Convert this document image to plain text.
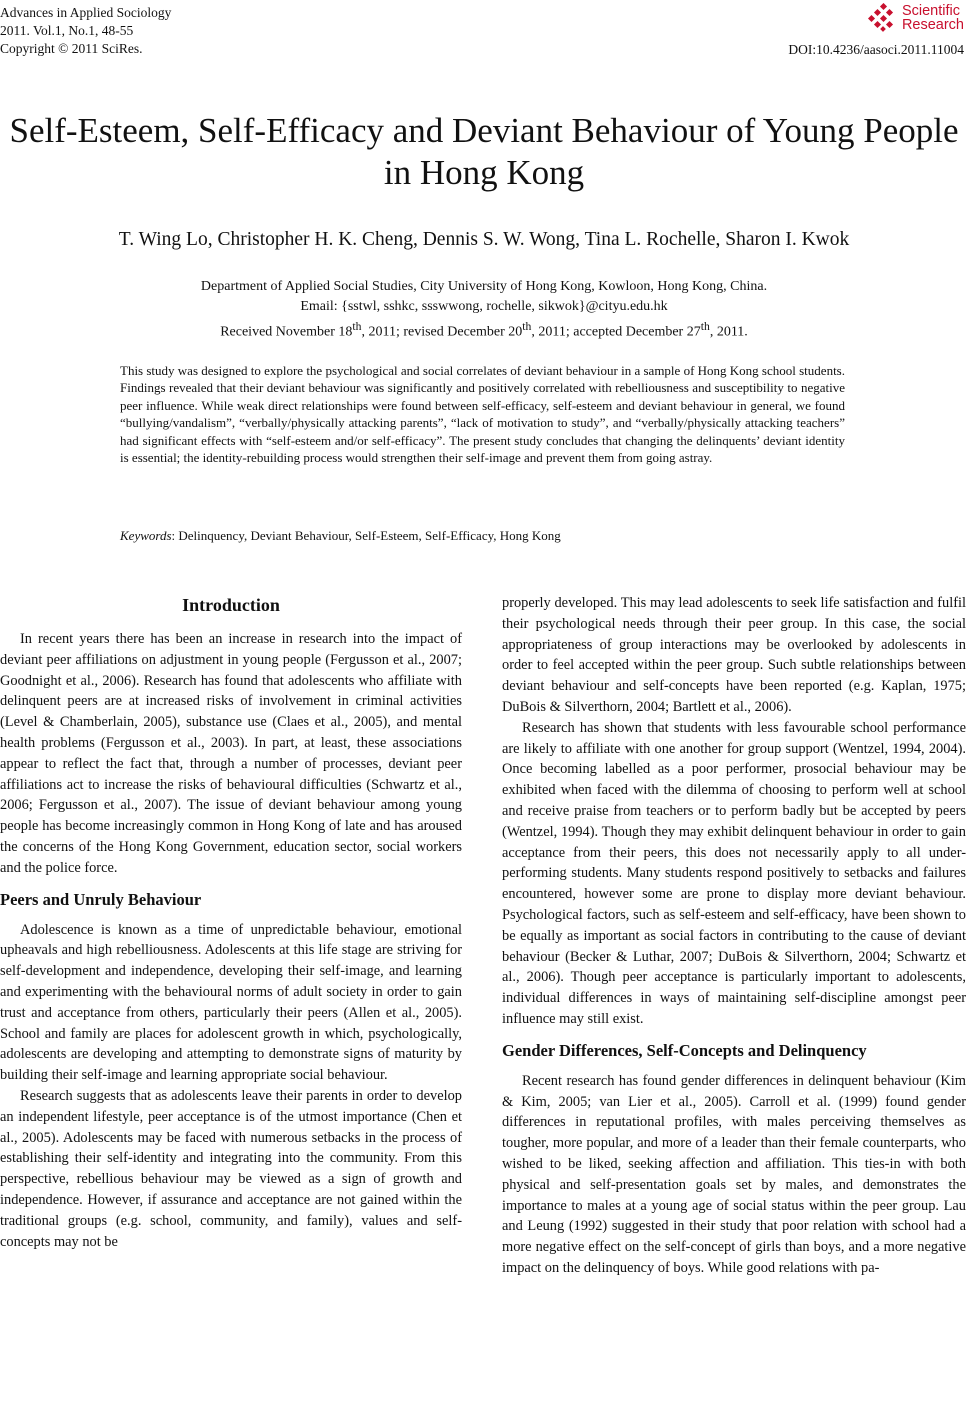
Advances in Applied Sociology
2011. Vol.1, No.1, 48-55
Copyright © 2011 SciRes.
Scientific
Research
DOI:10.4236/aasoci.2011.11004
Self-Esteem, Self-Efficacy and Deviant Behaviour of Young People in Hong Kong
T. Wing Lo, Christopher H. K. Cheng, Dennis S. W. Wong, Tina L. Rochelle, Sharon I. Kwok
Department of Applied Social Studies, City University of Hong Kong, Kowloon, Hong Kong, China.
Email: {sstwl, sshkc, ssswwong, rochelle, sikwok}@cityu.edu.hk
Received November 18th, 2011; revised December 20th, 2011; accepted December 27th, 2011.

This study was designed to explore the psychological and social correlates of deviant behaviour in a sample of Hong Kong school students. Findings revealed that their deviant behaviour was significantly and positively correlated with rebelliousness and susceptibility to negative peer influence. While weak direct relationships were found between self-efficacy, self-esteem and deviant behaviour in general, we found “bullying/vandalism”, “verbally/physically attacking parents”, “lack of motivation to study”, and “verbally/physically attacking teachers” had significant effects with “self-esteem and/or self-efficacy”. The present study concludes that changing the delinquents’ deviant identity is essential; the identity-rebuilding process would strengthen their self-image and prevent them from going astray.

Keywords: Delinquency, Deviant Behaviour, Self-Esteem, Self-Efficacy, Hong Kong
Introduction

In recent years there has been an increase in research into the impact of deviant peer affiliations on adjustment in young people (Fergusson et al., 2007; Goodnight et al., 2006). Research has found that adolescents who affiliate with delinquent peers are at increased risks of involvement in criminal activities (Level & Chamberlain, 2005), substance use (Claes et al., 2005), and mental health problems (Fergusson et al., 2003). In part, at least, these associations appear to reflect the fact that, through a number of processes, deviant peer affiliations act to increase the risks of behavioural difficulties (Schwartz et al., 2006; Fergusson et al., 2007). The issue of deviant behaviour among young people has become increasingly common in Hong Kong of late and has aroused the concerns of the Hong Kong Government, education sector, social workers and the police force.

Peers and Unruly Behaviour

Adolescence is known as a time of unpredictable behaviour, emotional upheavals and high rebelliousness. Adolescents at this life stage are striving for self-development and independence, developing their self-image, and learning and experimenting with the behavioural norms of adult society in order to gain trust and acceptance from others, particularly their peers (Allen et al., 2005). School and family are places for adolescent growth in which, psychologically, adolescents are developing and attempting to demonstrate signs of maturity by building their self-image and learning appropriate social behaviour.

Research suggests that as adolescents leave their parents in order to develop an independent lifestyle, peer acceptance is of the utmost importance (Chen et al., 2005). Adolescents may be faced with numerous setbacks in the process of establishing their self-identity and integrating into the community. From this perspective, rebellious behaviour may be viewed as a sign of growth and independence. However, if assurance and acceptance are not gained within the traditional groups (e.g. school, community, and family), values and self-concepts may not be

properly developed. This may lead adolescents to seek life satisfaction and fulfil their psychological needs through their peer group. In this case, the social appropriateness of group interactions may be overlooked by adolescents in order to feel accepted within the peer group. Such subtle relationships between deviant behaviour and self-concepts have been reported (e.g. Kaplan, 1975; DuBois & Silverthorn, 2004; Bartlett et al., 2006).

Research has shown that students with less favourable school performance are likely to affiliate with one another for group support (Wentzel, 1994, 2004). Once becoming labelled as a poor performer, prosocial behaviour may be exhibited when faced with the dilemma of choosing to perform well at school and receive praise from teachers or to perform badly but be accepted by peers (Wentzel, 1994). Though they may exhibit delinquent behaviour in order to gain acceptance from their peers, this does not necessarily apply to all under-performing students. Many students respond positively to setbacks and failures encountered, however some are prone to display more deviant behaviour. Psychological factors, such as self-esteem and self-efficacy, have been shown to be equally as important as social factors in contributing to the cause of deviant behaviour (Becker & Luthar, 2007; DuBois & Silverthorn, 2004; Schwartz et al., 2006). Though peer acceptance is particularly important to adolescents, individual differences in ways of maintaining self-discipline amongst peer influence may still exist.

Gender Differences, Self-Concepts and Delinquency

Recent research has found gender differences in delinquent behaviour (Kim & Kim, 2005; van Lier et al., 2005). Carroll et al. (1999) found gender differences in reputational profiles, with males perceiving themselves as tougher, more popular, and more of a leader than their female counterparts, who wished to be liked, seeking affection and affiliation. This ties-in with both physical and self-presentation goals set by males, and demonstrates the importance to males at a young age of social status within the peer group. Lau and Leung (1992) suggested in their study that poor relation with school had a more negative effect on the self-concept of girls than boys, and a more negative impact on the delinquency of boys. While good relations with pa-
